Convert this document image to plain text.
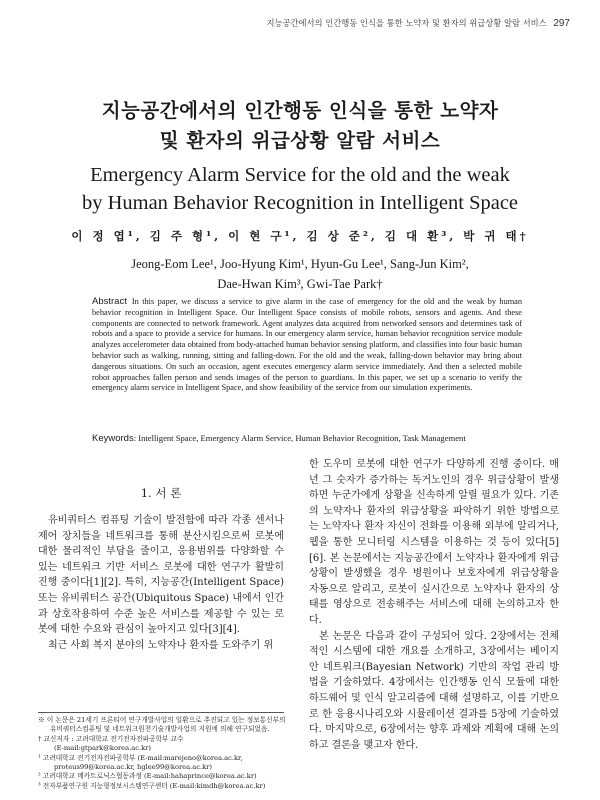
지능공간에서의 인간행동 인식을 통한 노약자 및 환자의 위급상황 알람 서비스 297
지능공간에서의 인간행동 인식을 통한 노약자
및 환자의 위급상황 알람 서비스
Emergency Alarm Service for the old and the weak
by Human Behavior Recognition in Intelligent Space
이 정 엽¹, 김 주 형¹, 이 현 구¹, 김 상 준², 김 대 환³, 박 귀 태†
Jeong-Eom Lee¹, Joo-Hyung Kim¹, Hyun-Gu Lee¹, Sang-Jun Kim²,
Dae-Hwan Kim³, Gwi-Tae Park†
Abstract In this paper, we discuss a service to give alarm in the case of emergency for the old and the weak by human behavior recognition in Intelligent Space. Our Intelligent Space consists of mobile robots, sensors and agents. And these components are connected to network framework. Agent analyzes data acquired from networked sensors and determines task of robots and a space to provide a service for humans. In our emergency alarm service, human behavior recognition service module analyzes accelerometer data obtained from body-attached human behavior sensing platform, and classifies into four basic human behavior such as walking, running, sitting and falling-down. For the old and the weak, falling-down behavior may bring about dangerous situations. On such an occasion, agent executes emergency alarm service immediately. And then a selected mobile robot approaches fallen person and sends images of the person to guardians. In this paper, we set up a scenario to verify the emergency alarm service in Intelligent Space, and show feasibility of the service from our simulation experiments.
Keywords: Intelligent Space, Emergency Alarm Service, Human Behavior Recognition, Task Management
1. 서 론

유비쿼터스 컴퓨팅 기술이 발전함에 따라 각종 센서나 제어 장치들을 네트워크를 통해 분산시킴으로써 로봇에 대한 물리적인 부담을 줄이고, 응용범위를 다양화할 수 있는 네트워크 기반 서비스 로봇에 대한 연구가 활발히 진행 중이다[1][2]. 특히, 지능공간(Intelligent Space) 또는 유비쿼터스 공간(Ubiquitous Space) 내에서 인간과 상호작용하여 수준 높은 서비스를 제공할 수 있는 로봇에 대한 수요와 관심이 높아지고 있다[3][4].

최근 사회 복지 분야의 노약자나 환자를 도와주기 위

한 도우미 로봇에 대한 연구가 다양하게 진행 중이다. 매년 그 숫자가 증가하는 독거노인의 경우 위급상황이 발생하면 누군가에게 상황을 신속하게 알릴 필요가 있다. 기존의 노약자나 환자의 위급상황을 파악하기 위한 방법으로는 노약자나 환자 자신이 전화를 이용해 외부에 알리거나, 웹을 통한 모니터링 시스템을 이용하는 것 등이 있다[5][6]. 본 논문에서는 지능공간에서 노약자나 환자에게 위급상황이 발생했을 경우 병원이나 보호자에게 위급상황을 자동으로 알리고, 로봇이 실시간으로 노약자나 환자의 상태를 영상으로 전송해주는 서비스에 대해 논의하고자 한다.

본 논문은 다음과 같이 구성되어 있다. 2장에서는 전체적인 시스템에 대한 개요를 소개하고, 3장에서는 베이지안 네트워크(Bayesian Network) 기반의 작업 관리 방법을 기술하였다. 4장에서는 인간행동 인식 모듈에 대한 하드웨어 및 인식 알고리즘에 대해 설명하고, 이를 기반으로 한 응용시나리오와 시뮬레이션 결과를 5장에 기술하였다. 마지막으로, 6장에서는 향후 과제와 계획에 대해 논의하고 결론을 맺고자 한다.

※ 이 논문은 21세기 프론티어 연구개발사업의 일환으로 추진되고 있는 정보통신부의 유비쿼터스컴퓨팅 및 네트워크원천기술개발사업의 지원에 의해 연구되었음.
† 교신저자 : 고려대학교 전기전자전파공학부 교수
(E-mail:gtpark@korea.ac.kr)
¹ 고려대학교 전기전자전파공학부 (E-mail:marejeno@korea.ac.kr,
proteus99@korea.ac.kr, hglee99@korea.ac.kr)
² 고려대학교 메카트로닉스협동과정 (E-mail:hahaprince@korea.ac.kr)
³ 전자부품연구원 지능형정보시스템연구센터 (E-mail:kimdh@korea.ac.kr)
